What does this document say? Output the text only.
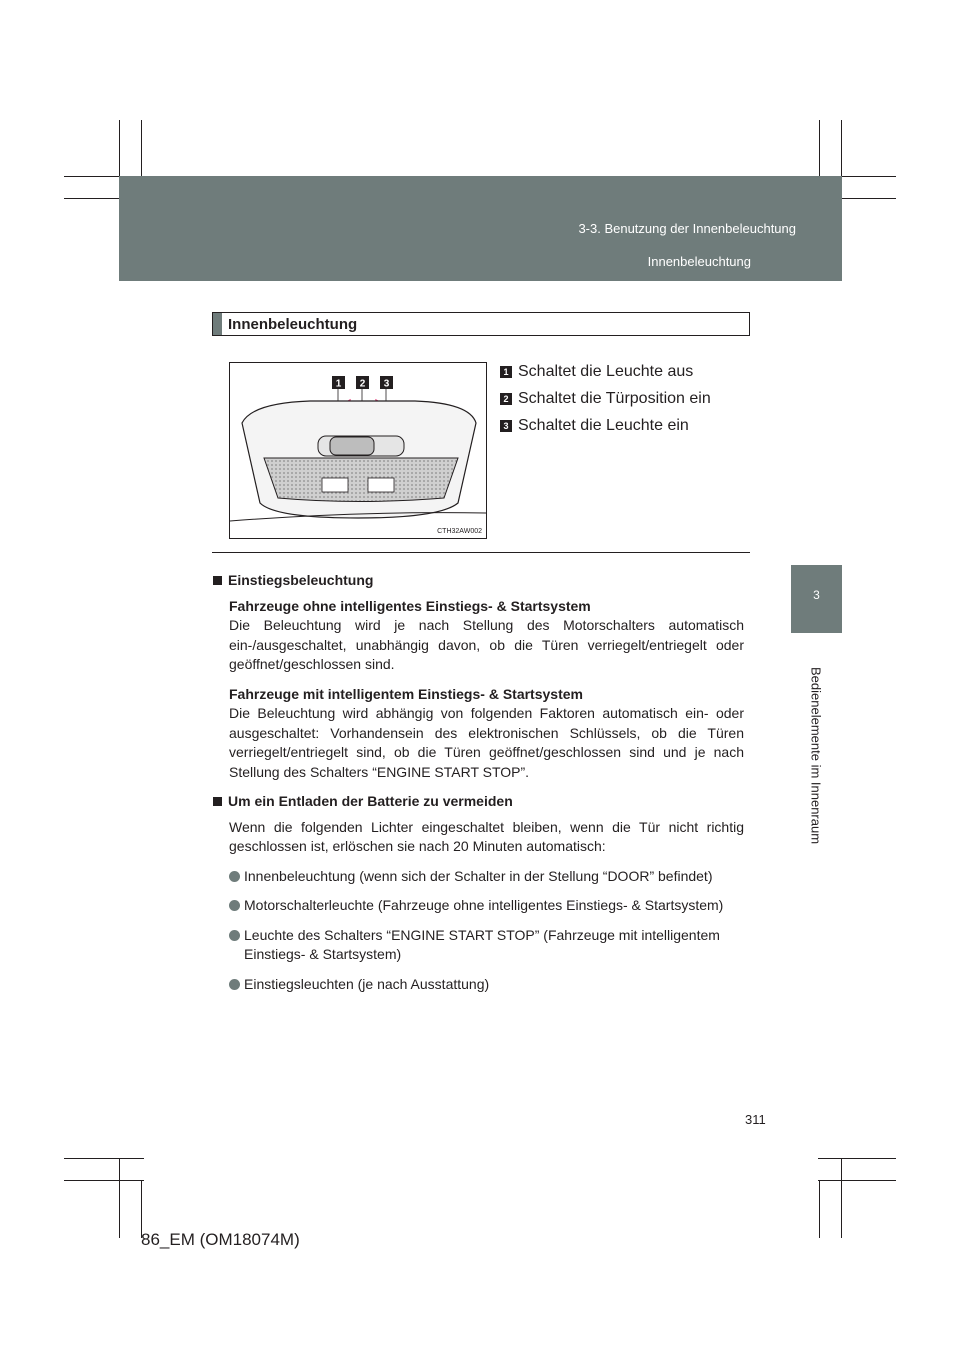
3-3. Benutzung der Innenbeleuchtung
Innenbeleuchtung
3
Bedienelemente im Innenraum
Innenbeleuchtung
1 2 3
CTH32AW002
1 Schaltet die Leuchte aus
2 Schaltet die Türposition ein
3 Schaltet die Leuchte ein
Einstiegsbeleuchtung
Fahrzeuge ohne intelligentes Einstiegs- & Startsystem
Die Beleuchtung wird je nach Stellung des Motorschalters automatisch ein-/ausgeschaltet, unabhängig davon, ob die Türen verriegelt/entriegelt oder geöffnet/geschlossen sind.
Fahrzeuge mit intelligentem Einstiegs- & Startsystem
Die Beleuchtung wird abhängig von folgenden Faktoren automatisch ein- oder ausgeschaltet: Vorhandensein des elektronischen Schlüssels, ob die Türen verriegelt/entriegelt sind, ob die Türen geöffnet/geschlossen sind und je nach Stellung des Schalters “ENGINE START STOP”.
Um ein Entladen der Batterie zu vermeiden
Wenn die folgenden Lichter eingeschaltet bleiben, wenn die Tür nicht richtig geschlossen ist, erlöschen sie nach 20 Minuten automatisch:
Innenbeleuchtung (wenn sich der Schalter in der Stellung “DOOR” befindet)
Motorschalterleuchte (Fahrzeuge ohne intelligentes Einstiegs- & Startsystem)
Leuchte des Schalters “ENGINE START STOP” (Fahrzeuge mit intelligentem Einstiegs- & Startsystem)
Einstiegsleuchten (je nach Ausstattung)
311
86_EM (OM18074M)
